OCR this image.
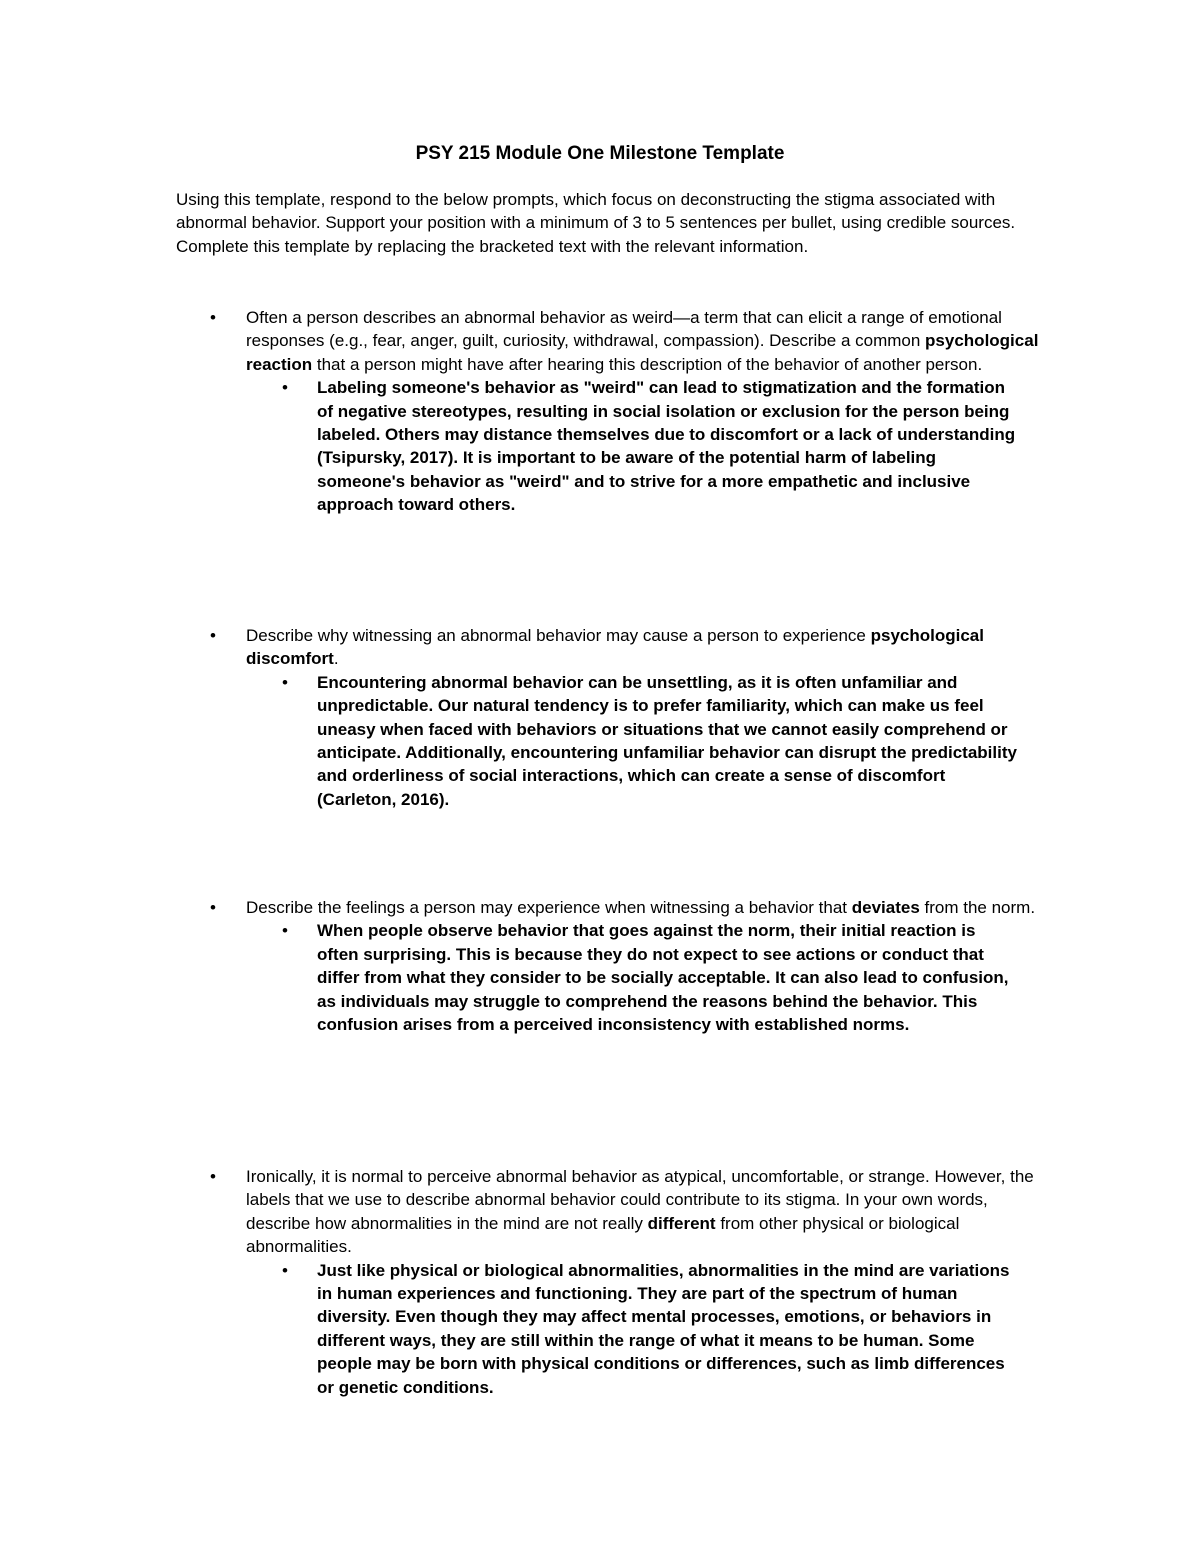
PSY 215 Module One Milestone Template
Using this template, respond to the below prompts, which focus on deconstructing the stigma associated with abnormal behavior. Support your position with a minimum of 3 to 5 sentences per bullet, using credible sources. Complete this template by replacing the bracketed text with the relevant information.
• Often a person describes an abnormal behavior as weird—a term that can elicit a range of emotional responses (e.g., fear, anger, guilt, curiosity, withdrawal, compassion). Describe a common psychological reaction that a person might have after hearing this description of the behavior of another person.
• Labeling someone's behavior as "weird" can lead to stigmatization and the formation of negative stereotypes, resulting in social isolation or exclusion for the person being labeled. Others may distance themselves due to discomfort or a lack of understanding (Tsipursky, 2017). It is important to be aware of the potential harm of labeling someone's behavior as "weird" and to strive for a more empathetic and inclusive approach toward others.
• Describe why witnessing an abnormal behavior may cause a person to experience psychological discomfort.
• Encountering abnormal behavior can be unsettling, as it is often unfamiliar and unpredictable. Our natural tendency is to prefer familiarity, which can make us feel uneasy when faced with behaviors or situations that we cannot easily comprehend or anticipate. Additionally, encountering unfamiliar behavior can disrupt the predictability and orderliness of social interactions, which can create a sense of discomfort (Carleton, 2016).
• Describe the feelings a person may experience when witnessing a behavior that deviates from the norm.
• When people observe behavior that goes against the norm, their initial reaction is often surprising. This is because they do not expect to see actions or conduct that differ from what they consider to be socially acceptable. It can also lead to confusion, as individuals may struggle to comprehend the reasons behind the behavior. This confusion arises from a perceived inconsistency with established norms.
• Ironically, it is normal to perceive abnormal behavior as atypical, uncomfortable, or strange. However, the labels that we use to describe abnormal behavior could contribute to its stigma. In your own words, describe how abnormalities in the mind are not really different from other physical or biological abnormalities.
• Just like physical or biological abnormalities, abnormalities in the mind are variations in human experiences and functioning. They are part of the spectrum of human diversity. Even though they may affect mental processes, emotions, or behaviors in different ways, they are still within the range of what it means to be human. Some people may be born with physical conditions or differences, such as limb differences or genetic conditions.
